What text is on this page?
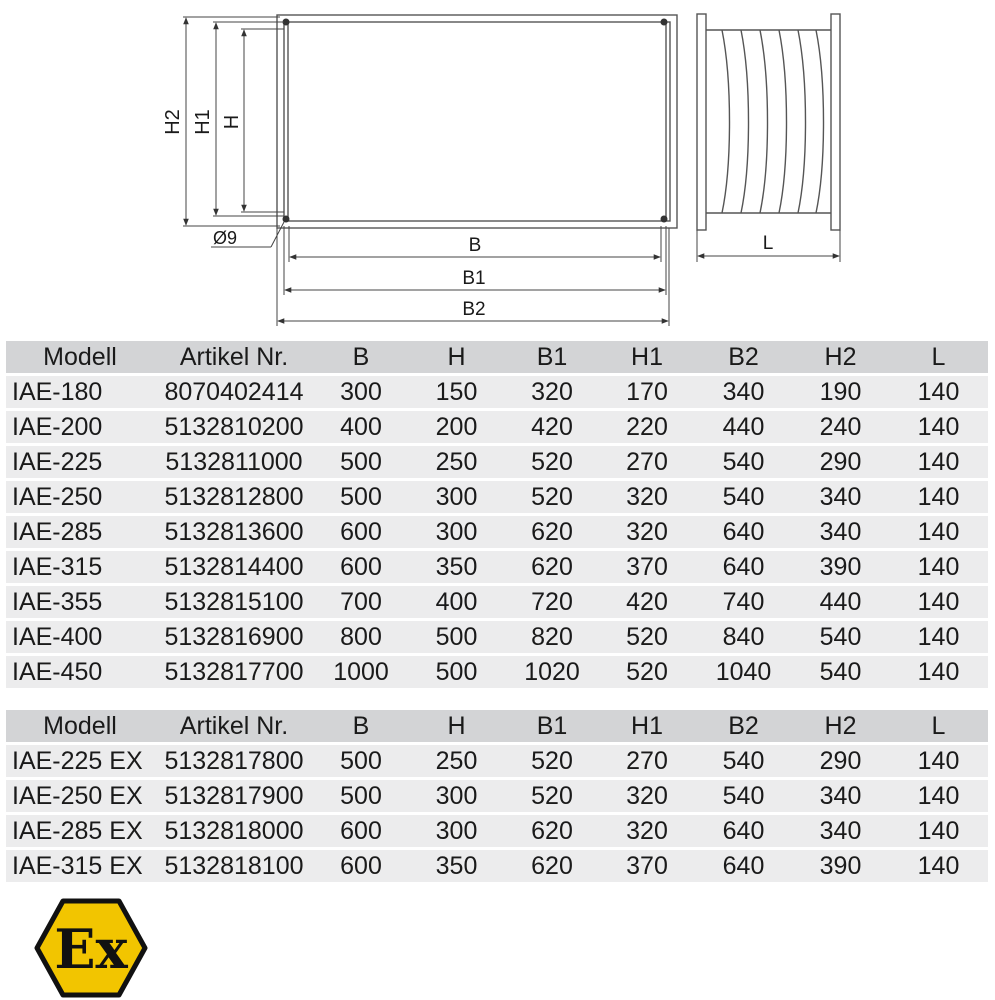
H2 H1 H
Ø9	B
B1
B2
L
Modell	Artikel Nr.	B	H	B1	H1	B2	H2	L
IAE-180	8070402414	300	150	320	170	340	190	140
IAE-200	5132810200	400	200	420	220	440	240	140
IAE-225	5132811000	500	250	520	270	540	290	140
IAE-250	5132812800	500	300	520	320	540	340	140
IAE-285	5132813600	600	300	620	320	640	340	140
IAE-315	5132814400	600	350	620	370	640	390	140
IAE-355	5132815100	700	400	720	420	740	440	140
IAE-400	5132816900	800	500	820	520	840	540	140
IAE-450	5132817700	1000	500	1020	520	1040	540	140
Modell	Artikel Nr.	B	H	B1	H1	B2	H2	L
IAE-225 EX	5132817800	500	250	520	270	540	290	140
IAE-250 EX	5132817900	500	300	520	320	540	340	140
IAE-285 EX	5132818000	600	300	620	320	640	340	140
IAE-315 EX	5132818100	600	350	620	370	640	390	140
Ex
